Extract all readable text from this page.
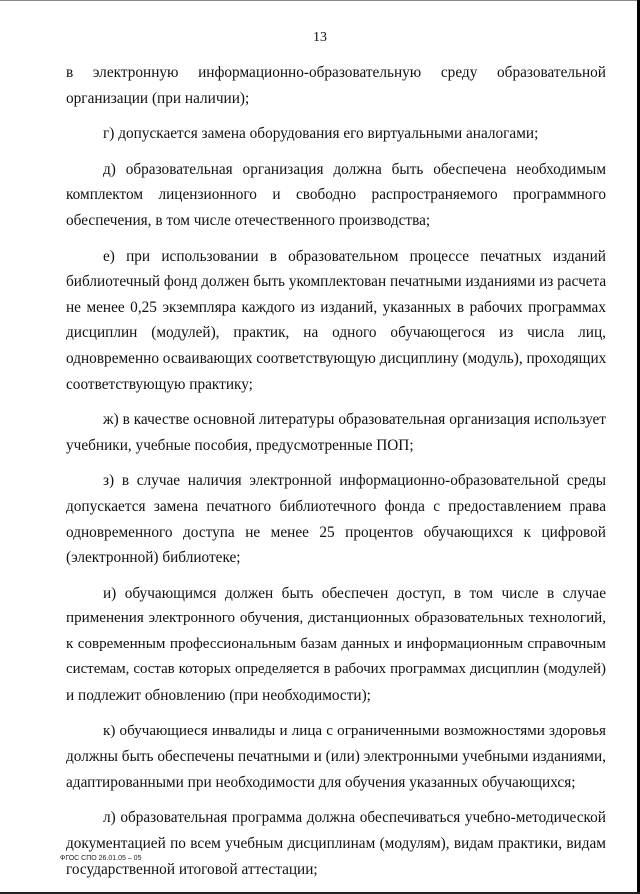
13
в электронную информационно-образовательную среду образовательной
организации (при наличии);
г) допускается замена оборудования его виртуальными аналогами;
д) образовательная организация должна быть обеспечена необходимым
комплектом лицензионного и свободно распространяемого программного
обеспечения, в том числе отечественного производства;
е) при использовании в образовательном процессе печатных изданий
библиотечный фонд должен быть укомплектован печатными изданиями из расчета
не менее 0,25 экземпляра каждого из изданий, указанных в рабочих программах
дисциплин (модулей), практик, на одного обучающегося из числа лиц,
одновременно осваивающих соответствующую дисциплину (модуль), проходящих
соответствующую практику;
ж) в качестве основной литературы образовательная организация использует
учебники, учебные пособия, предусмотренные ПОП;
з) в случае наличия электронной информационно-образовательной среды
допускается замена печатного библиотечного фонда с предоставлением права
одновременного доступа не менее 25 процентов обучающихся к цифровой
(электронной) библиотеке;
и) обучающимся должен быть обеспечен доступ, в том числе в случае
применения электронного обучения, дистанционных образовательных технологий,
к современным профессиональным базам данных и информационным справочным
системам, состав которых определяется в рабочих программах дисциплин (модулей)
и подлежит обновлению (при необходимости);
к) обучающиеся инвалиды и лица с ограниченными возможностями здоровья
должны быть обеспечены печатными и (или) электронными учебными изданиями,
адаптированными при необходимости для обучения указанных обучающихся;
л) образовательная программа должна обеспечиваться учебно-методической
документацией по всем учебным дисциплинам (модулям), видам практики, видам
государственной итоговой аттестации;
ФГОС СПО 26.01.05 – 05
